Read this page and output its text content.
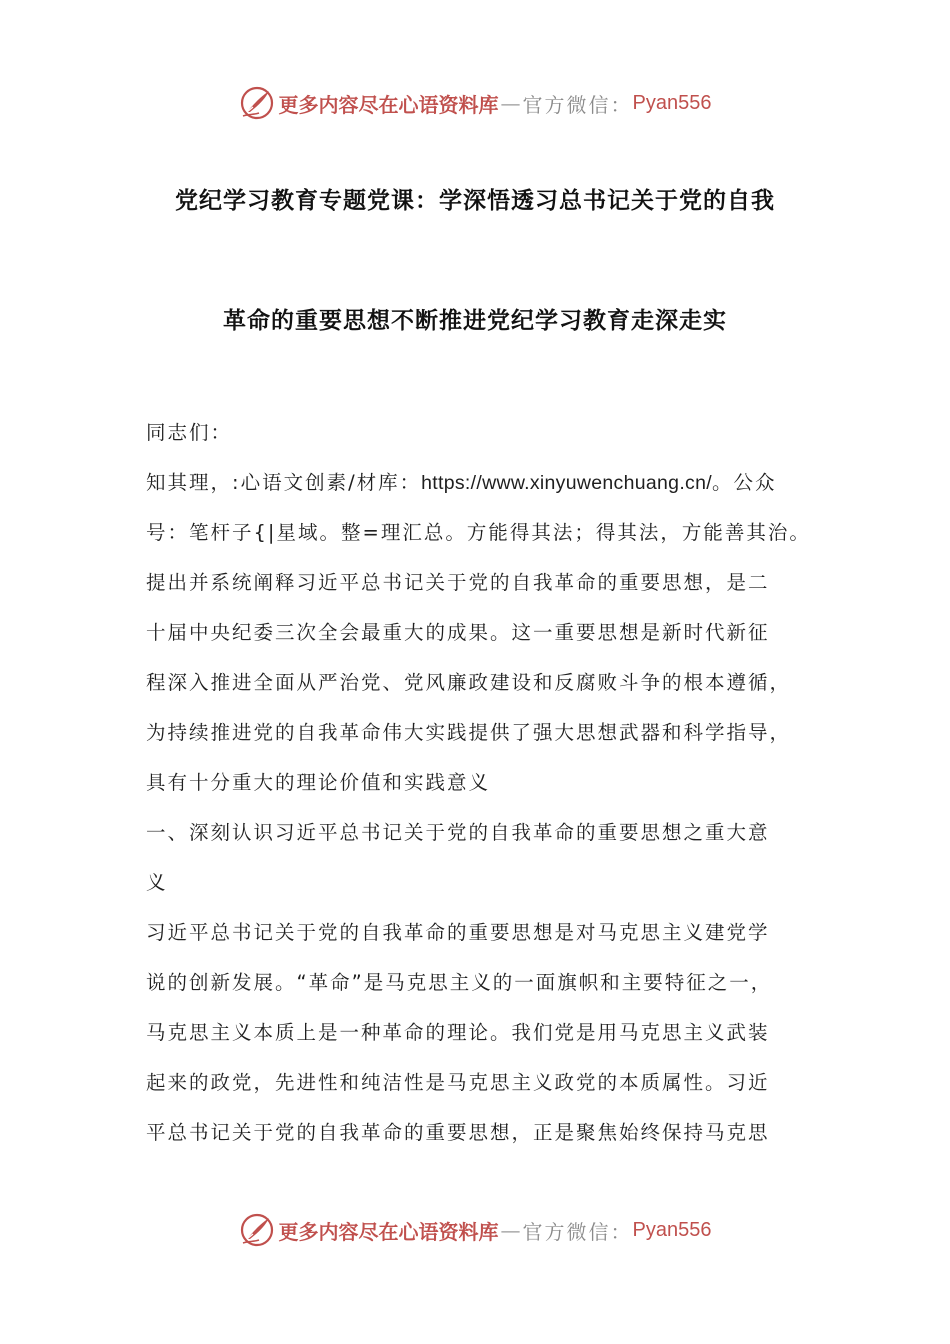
更多内容尽在心语资料库 — 官方微信： Pyan556
党纪学习教育专题党课：学深悟透习总书记关于党的自我
革命的重要思想不断推进党纪学习教育走深走实
同志们：
知其理，:心语文创素/材库：https://www.xinyuwenchuang.cn/。公众
号：笔杆子{|星域。整=理汇总。方能得其法；得其法，方能善其治。
提出并系统阐释习近平总书记关于党的自我革命的重要思想，是二
十届中央纪委三次全会最重大的成果。这一重要思想是新时代新征
程深入推进全面从严治党、党风廉政建设和反腐败斗争的根本遵循，
为持续推进党的自我革命伟大实践提供了强大思想武器和科学指导，
具有十分重大的理论价值和实践意义
一、深刻认识习近平总书记关于党的自我革命的重要思想之重大意
义
习近平总书记关于党的自我革命的重要思想是对马克思主义建党学
说的创新发展。“革命”是马克思主义的一面旗帜和主要特征之一，
马克思主义本质上是一种革命的理论。我们党是用马克思主义武装
起来的政党，先进性和纯洁性是马克思主义政党的本质属性。习近
平总书记关于党的自我革命的重要思想，正是聚焦始终保持马克思
更多内容尽在心语资料库 — 官方微信： Pyan556
